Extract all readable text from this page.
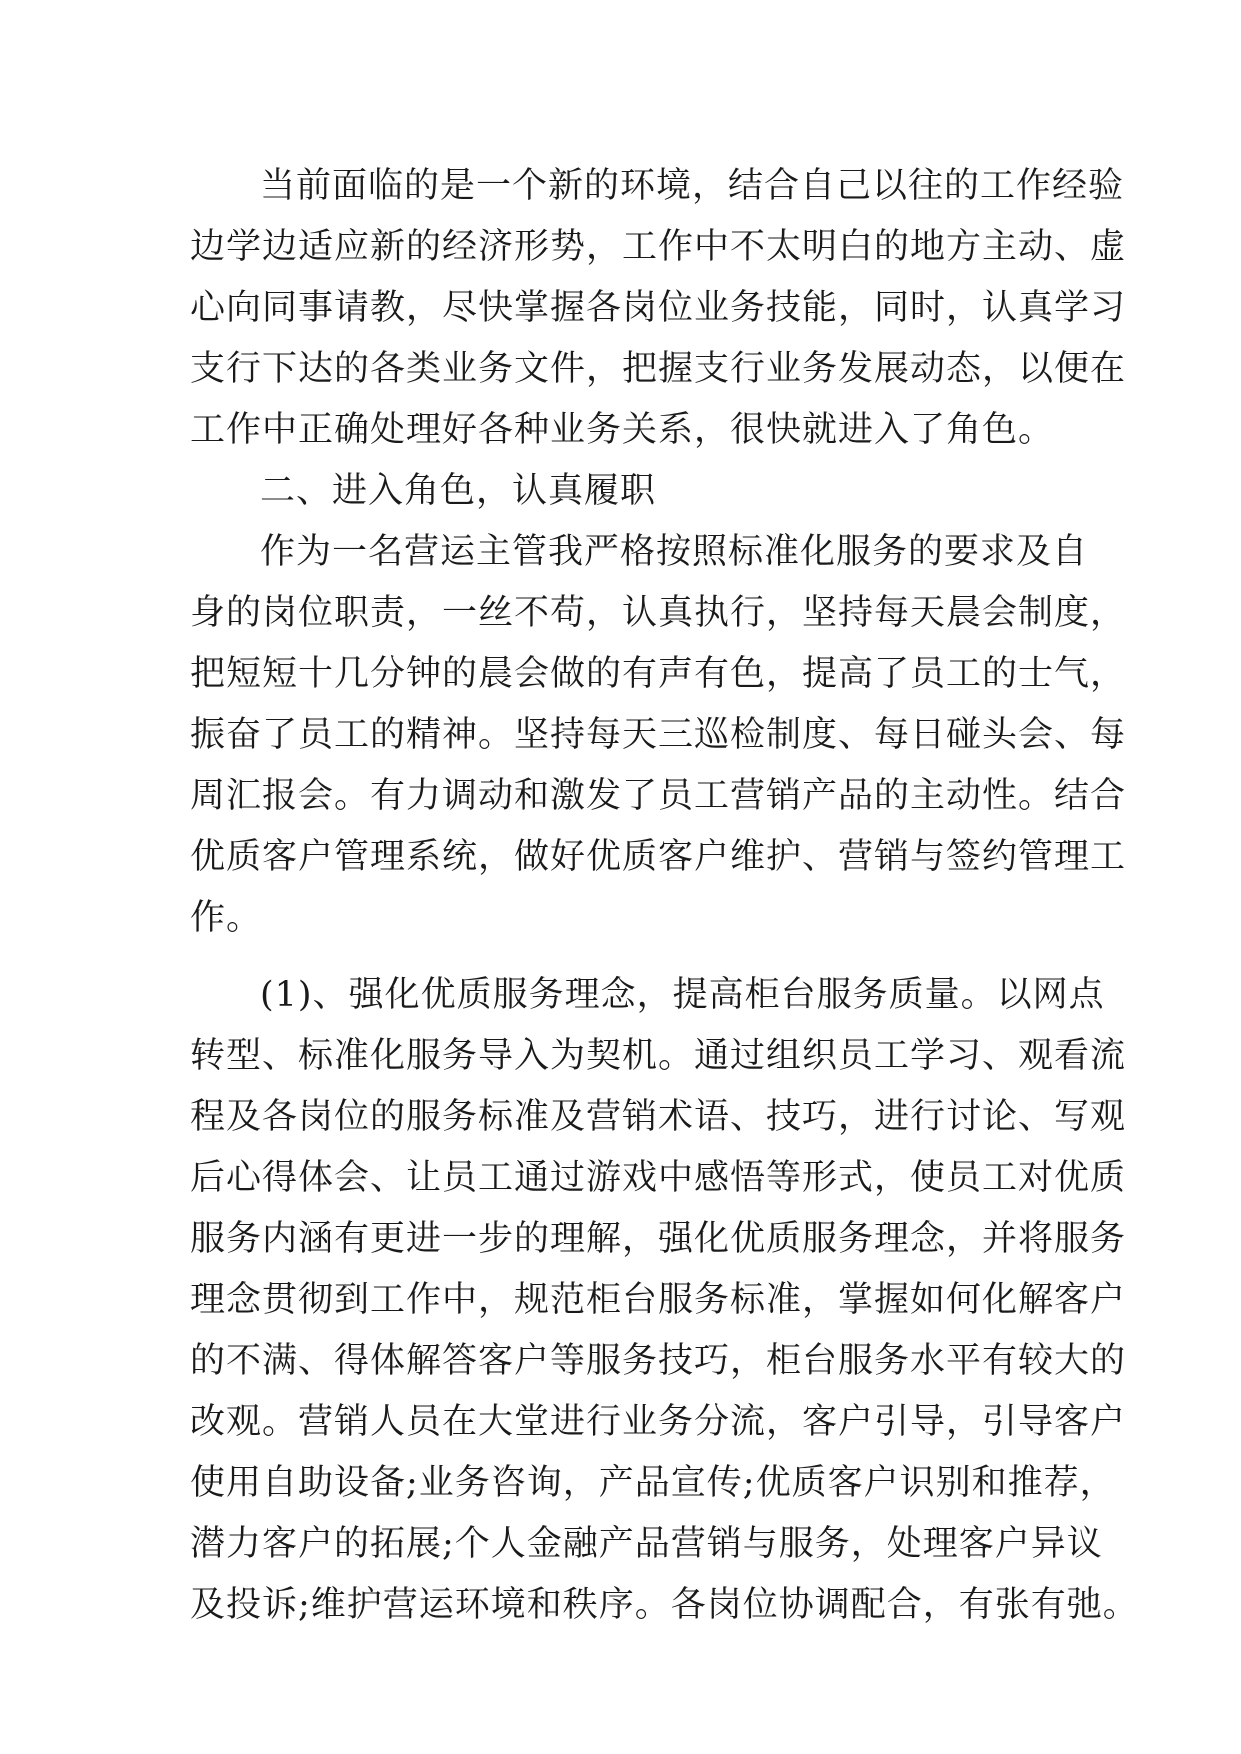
当前面临的是一个新的环境，结合自己以往的工作经验
边学边适应新的经济形势，工作中不太明白的地方主动、虚
心向同事请教，尽快掌握各岗位业务技能，同时，认真学习
支行下达的各类业务文件，把握支行业务发展动态，以便在
工作中正确处理好各种业务关系，很快就进入了角色。
二、进入角色，认真履职
作为一名营运主管我严格按照标准化服务的要求及自
身的岗位职责，一丝不苟，认真执行，坚持每天晨会制度，
把短短十几分钟的晨会做的有声有色，提高了员工的士气，
振奋了员工的精神。坚持每天三巡检制度、每日碰头会、每
周汇报会。有力调动和激发了员工营销产品的主动性。结合
优质客户管理系统，做好优质客户维护、营销与签约管理工
作。
(1)、强化优质服务理念，提高柜台服务质量。以网点
转型、标准化服务导入为契机。通过组织员工学习、观看流
程及各岗位的服务标准及营销术语、技巧，进行讨论、写观
后心得体会、让员工通过游戏中感悟等形式，使员工对优质
服务内涵有更进一步的理解，强化优质服务理念，并将服务
理念贯彻到工作中，规范柜台服务标准，掌握如何化解客户
的不满、得体解答客户等服务技巧，柜台服务水平有较大的
改观。营销人员在大堂进行业务分流，客户引导，引导客户
使用自助设备;业务咨询，产品宣传;优质客户识别和推荐，
潜力客户的拓展;个人金融产品营销与服务，处理客户异议
及投诉;维护营运环境和秩序。各岗位协调配合，有张有弛。
